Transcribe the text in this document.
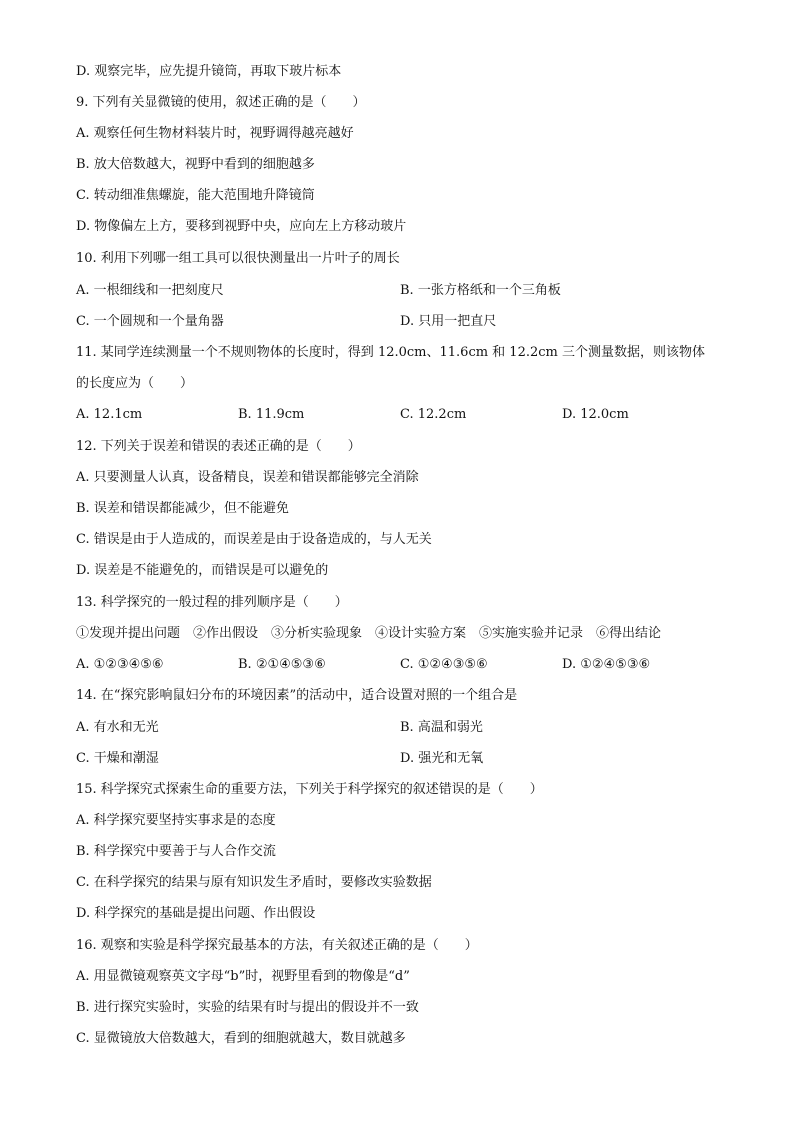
D. 观察完毕，应先提升镜筒，再取下玻片标本
9. 下列有关显微镜的使用，叙述正确的是（　　）
A. 观察任何生物材料装片时，视野调得越亮越好
B. 放大倍数越大，视野中看到的细胞越多
C. 转动细准焦螺旋，能大范围地升降镜筒
D. 物像偏左上方，要移到视野中央，应向左上方移动玻片
10. 利用下列哪一组工具可以很快测量出一片叶子的周长
A. 一根细线和一把刻度尺	B. 一张方格纸和一个三角板
C. 一个圆规和一个量角器	D. 只用一把直尺
11. 某同学连续测量一个不规则物体的长度时，得到 12.0cm、11.6cm 和 12.2cm 三个测量数据，则该物体
的长度应为（　　）
A. 12.1cm	B. 11.9cm	C. 12.2cm	D. 12.0cm
12. 下列关于误差和错误的表述正确的是（　　）
A. 只要测量人认真，设备精良，误差和错误都能够完全消除
B. 误差和错误都能减少，但不能避免
C. 错误是由于人造成的，而误差是由于设备造成的，与人无关
D. 误差是不能避免的，而错误是可以避免的
13. 科学探究的一般过程的排列顺序是（　　）
①发现并提出问题　②作出假设　③分析实验现象　④设计实验方案　⑤实施实验并记录　⑥得出结论
A. ①②③④⑤⑥	B. ②①④⑤③⑥	C. ①②④③⑤⑥	D. ①②④⑤③⑥
14. 在“探究影响鼠妇分布的环境因素”的活动中，适合设置对照的一个组合是
A. 有水和无光	B. 高温和弱光
C. 干燥和潮湿	D. 强光和无氧
15. 科学探究式探索生命的重要方法，下列关于科学探究的叙述错误的是（　　）
A. 科学探究要坚持实事求是的态度
B. 科学探究中要善于与人合作交流
C. 在科学探究的结果与原有知识发生矛盾时，要修改实验数据
D. 科学探究的基础是提出问题、作出假设
16. 观察和实验是科学探究最基本的方法，有关叙述正确的是（　　）
A. 用显微镜观察英文字母“b”时，视野里看到的物像是“d”
B. 进行探究实验时，实验的结果有时与提出的假设并不一致
C. 显微镜放大倍数越大，看到的细胞就越大，数目就越多
